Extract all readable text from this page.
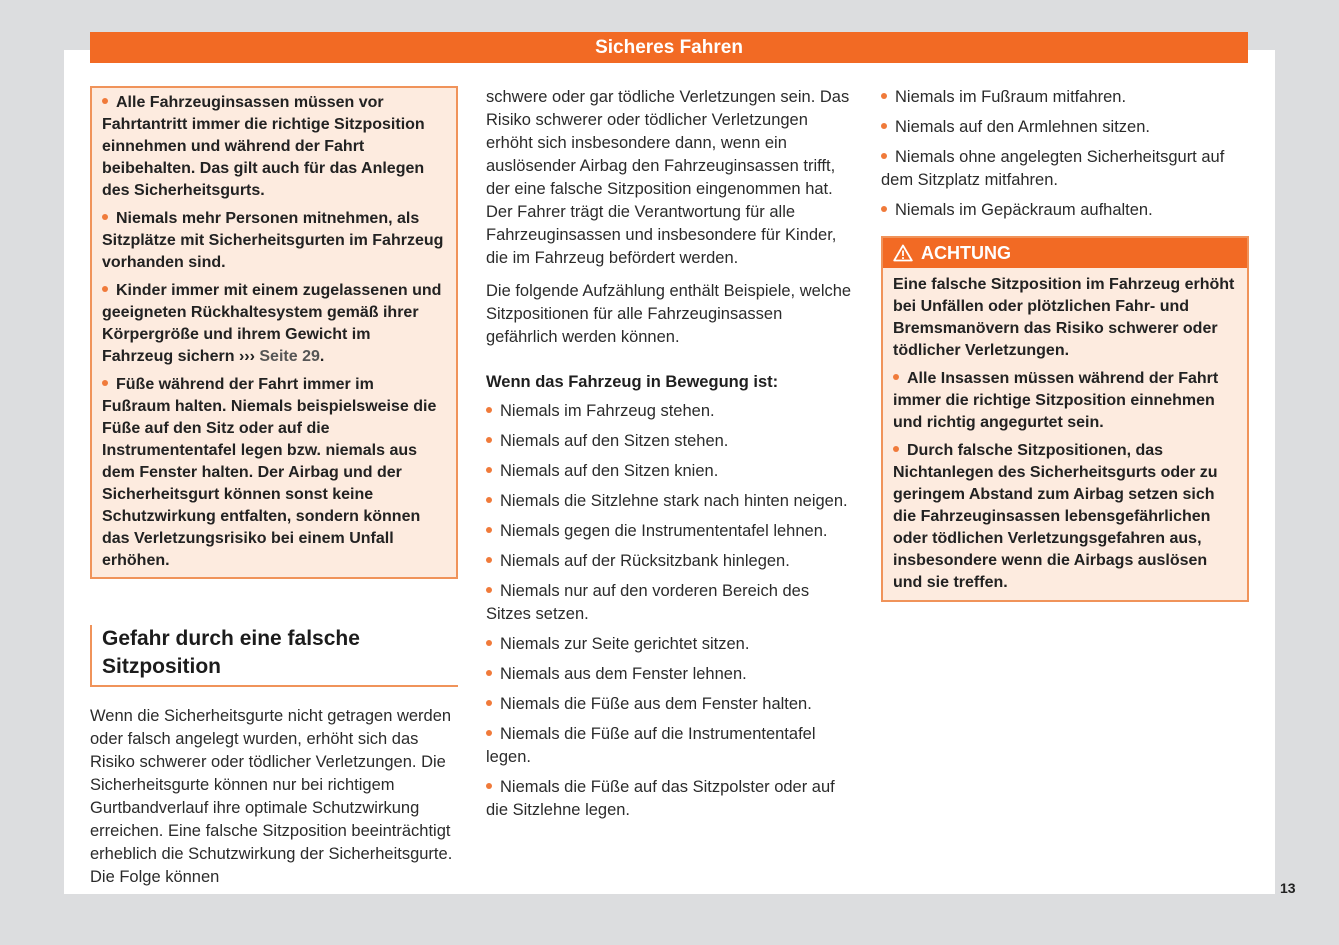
Sicheres Fahren

Alle Fahrzeuginsassen müssen vor Fahrtantritt immer die richtige Sitzposition einnehmen und während der Fahrt beibehalten. Das gilt auch für das Anlegen des Sicherheitsgurts.

Niemals mehr Personen mitnehmen, als Sitzplätze mit Sicherheitsgurten im Fahrzeug vorhanden sind.

Kinder immer mit einem zugelassenen und geeigneten Rückhaltesystem gemäß ihrer Körpergröße und ihrem Gewicht im Fahrzeug sichern ››› Seite 29.

Füße während der Fahrt immer im Fußraum halten. Niemals beispielsweise die Füße auf den Sitz oder auf die Instrumententafel legen bzw. niemals aus dem Fenster halten. Der Airbag und der Sicherheitsgurt können sonst keine Schutzwirkung entfalten, sondern können das Verletzungsrisiko bei einem Unfall erhöhen.

Gefahr durch eine falsche Sitzposition

Wenn die Sicherheitsgurte nicht getragen werden oder falsch angelegt wurden, erhöht sich das Risiko schwerer oder tödlicher Verletzungen. Die Sicherheitsgurte können nur bei richtigem Gurtbandverlauf ihre optimale Schutzwirkung erreichen. Eine falsche Sitzposition beeinträchtigt erheblich die Schutzwirkung der Sicherheitsgurte. Die Folge können

schwere oder gar tödliche Verletzungen sein. Das Risiko schwerer oder tödlicher Verletzungen erhöht sich insbesondere dann, wenn ein auslösender Airbag den Fahrzeuginsassen trifft, der eine falsche Sitzposition eingenommen hat. Der Fahrer trägt die Verantwortung für alle Fahrzeuginsassen und insbesondere für Kinder, die im Fahrzeug befördert werden.

Die folgende Aufzählung enthält Beispiele, welche Sitzpositionen für alle Fahrzeuginsassen gefährlich werden können.

Wenn das Fahrzeug in Bewegung ist:

Niemals im Fahrzeug stehen.
Niemals auf den Sitzen stehen.
Niemals auf den Sitzen knien.
Niemals die Sitzlehne stark nach hinten neigen.
Niemals gegen die Instrumententafel lehnen.
Niemals auf der Rücksitzbank hinlegen.
Niemals nur auf den vorderen Bereich des Sitzes setzen.
Niemals zur Seite gerichtet sitzen.
Niemals aus dem Fenster lehnen.
Niemals die Füße aus dem Fenster halten.
Niemals die Füße auf die Instrumententafel legen.
Niemals die Füße auf das Sitzpolster oder auf die Sitzlehne legen.
Niemals im Fußraum mitfahren.
Niemals auf den Armlehnen sitzen.
Niemals ohne angelegten Sicherheitsgurt auf dem Sitzplatz mitfahren.
Niemals im Gepäckraum aufhalten.
ACHTUNG

Eine falsche Sitzposition im Fahrzeug erhöht bei Unfällen oder plötzlichen Fahr- und Bremsmanövern das Risiko schwerer oder tödlicher Verletzungen.

Alle Insassen müssen während der Fahrt immer die richtige Sitzposition einnehmen und richtig angegurtet sein.

Durch falsche Sitzpositionen, das Nichtanlegen des Sicherheitsgurts oder zu geringem Abstand zum Airbag setzen sich die Fahrzeuginsassen lebensgefährlichen oder tödlichen Verletzungsgefahren aus, insbesondere wenn die Airbags auslösen und sie treffen.

13
